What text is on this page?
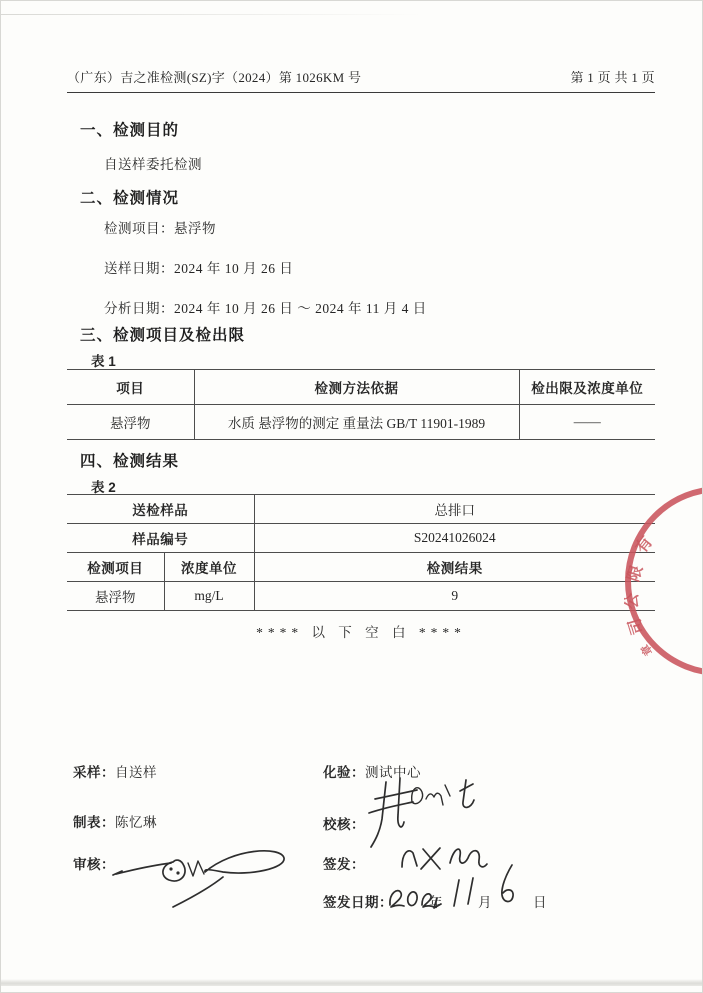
（广东）吉之准检测(SZ)字（2024）第 1026KM 号	第 1 页 共 1 页
一、检测目的
自送样委托检测
二、检测情况
检测项目：悬浮物
送样日期：2024 年 10 月 26 日
分析日期：2024 年 10 月 26 日 ～ 2024 年 11 月 4 日
三、检测项目及检出限
表 1
项目	检测方法依据	检出限及浓度单位
悬浮物	水质 悬浮物的测定 重量法 GB/T 11901-1989	——
四、检测结果
表 2
送检样品		总排口
样品编号		S20241026024
检测项目	浓度单位	检测结果
悬浮物	mg/L	9
**** 以 下 空 白 ****
采样：自送样	化验：测试中心
制表：陈忆琳	校核：
审核：	签发：
签发日期：	年	月	日
有
限
公
司
章
